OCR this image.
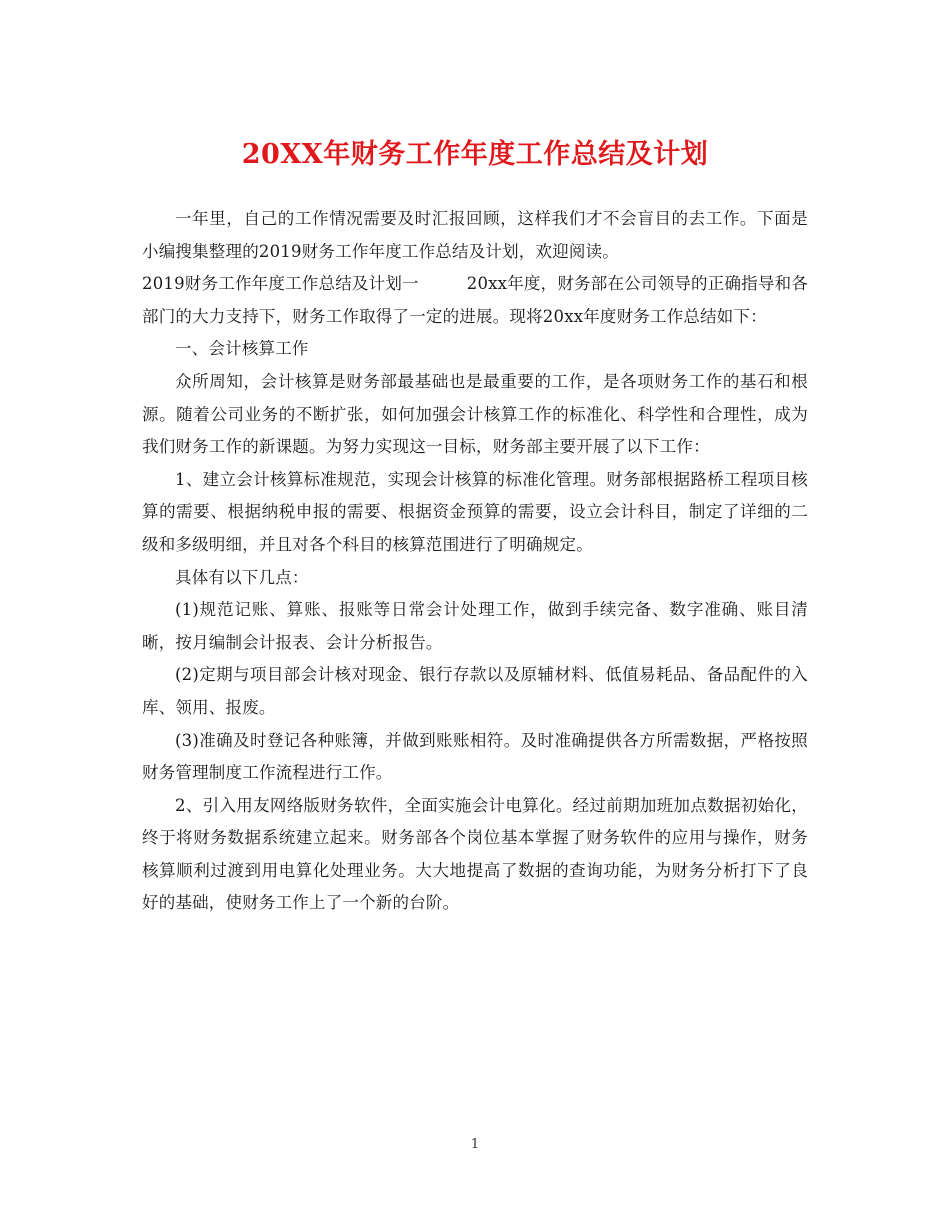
20XX年财务工作年度工作总结及计划

一年里，自己的工作情况需要及时汇报回顾，这样我们才不会盲目的去工作。下面是小编搜集整理的2019财务工作年度工作总结及计划，欢迎阅读。

2019财务工作年度工作总结及计划一	20xx年度，财务部在公司领导的正确指导和各部门的大力支持下，财务工作取得了一定的进展。现将20xx年度财务工作总结如下：

一、会计核算工作

众所周知，会计核算是财务部最基础也是最重要的工作，是各项财务工作的基石和根源。随着公司业务的不断扩张，如何加强会计核算工作的标准化、科学性和合理性，成为我们财务工作的新课题。为努力实现这一目标，财务部主要开展了以下工作：

1、建立会计核算标准规范，实现会计核算的标准化管理。财务部根据路桥工程项目核算的需要、根据纳税申报的需要、根据资金预算的需要，设立会计科目，制定了详细的二级和多级明细，并且对各个科目的核算范围进行了明确规定。

具体有以下几点：

(1)规范记账、算账、报账等日常会计处理工作，做到手续完备、数字准确、账目清晰，按月编制会计报表、会计分析报告。

(2)定期与项目部会计核对现金、银行存款以及原辅材料、低值易耗品、备品配件的入库、领用、报废。

(3)准确及时登记各种账簿，并做到账账相符。及时准确提供各方所需数据，严格按照财务管理制度工作流程进行工作。

2、引入用友网络版财务软件，全面实施会计电算化。经过前期加班加点数据初始化，终于将财务数据系统建立起来。财务部各个岗位基本掌握了财务软件的应用与操作，财务核算顺利过渡到用电算化处理业务。大大地提高了数据的查询功能，为财务分析打下了良好的基础，使财务工作上了一个新的台阶。

1
